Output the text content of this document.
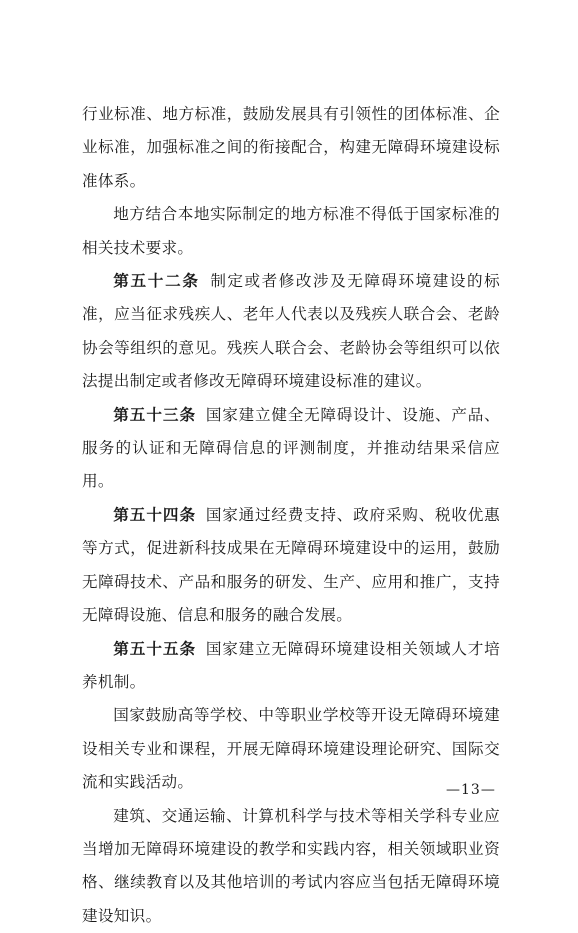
行业标准、地方标准，鼓励发展具有引领性的团体标准、企业标准，加强标准之间的衔接配合，构建无障碍环境建设标准体系。

地方结合本地实际制定的地方标准不得低于国家标准的相关技术要求。

第五十二条 制定或者修改涉及无障碍环境建设的标准，应当征求残疾人、老年人代表以及残疾人联合会、老龄协会等组织的意见。残疾人联合会、老龄协会等组织可以依法提出制定或者修改无障碍环境建设标准的建议。

第五十三条 国家建立健全无障碍设计、设施、产品、服务的认证和无障碍信息的评测制度，并推动结果采信应用。

第五十四条 国家通过经费支持、政府采购、税收优惠等方式，促进新科技成果在无障碍环境建设中的运用，鼓励无障碍技术、产品和服务的研发、生产、应用和推广，支持无障碍设施、信息和服务的融合发展。

第五十五条 国家建立无障碍环境建设相关领域人才培养机制。

国家鼓励高等学校、中等职业学校等开设无障碍环境建设相关专业和课程，开展无障碍环境建设理论研究、国际交流和实践活动。

建筑、交通运输、计算机科学与技术等相关学科专业应当增加无障碍环境建设的教学和实践内容，相关领域职业资格、继续教育以及其他培训的考试内容应当包括无障碍环境建设知识。

—13—
